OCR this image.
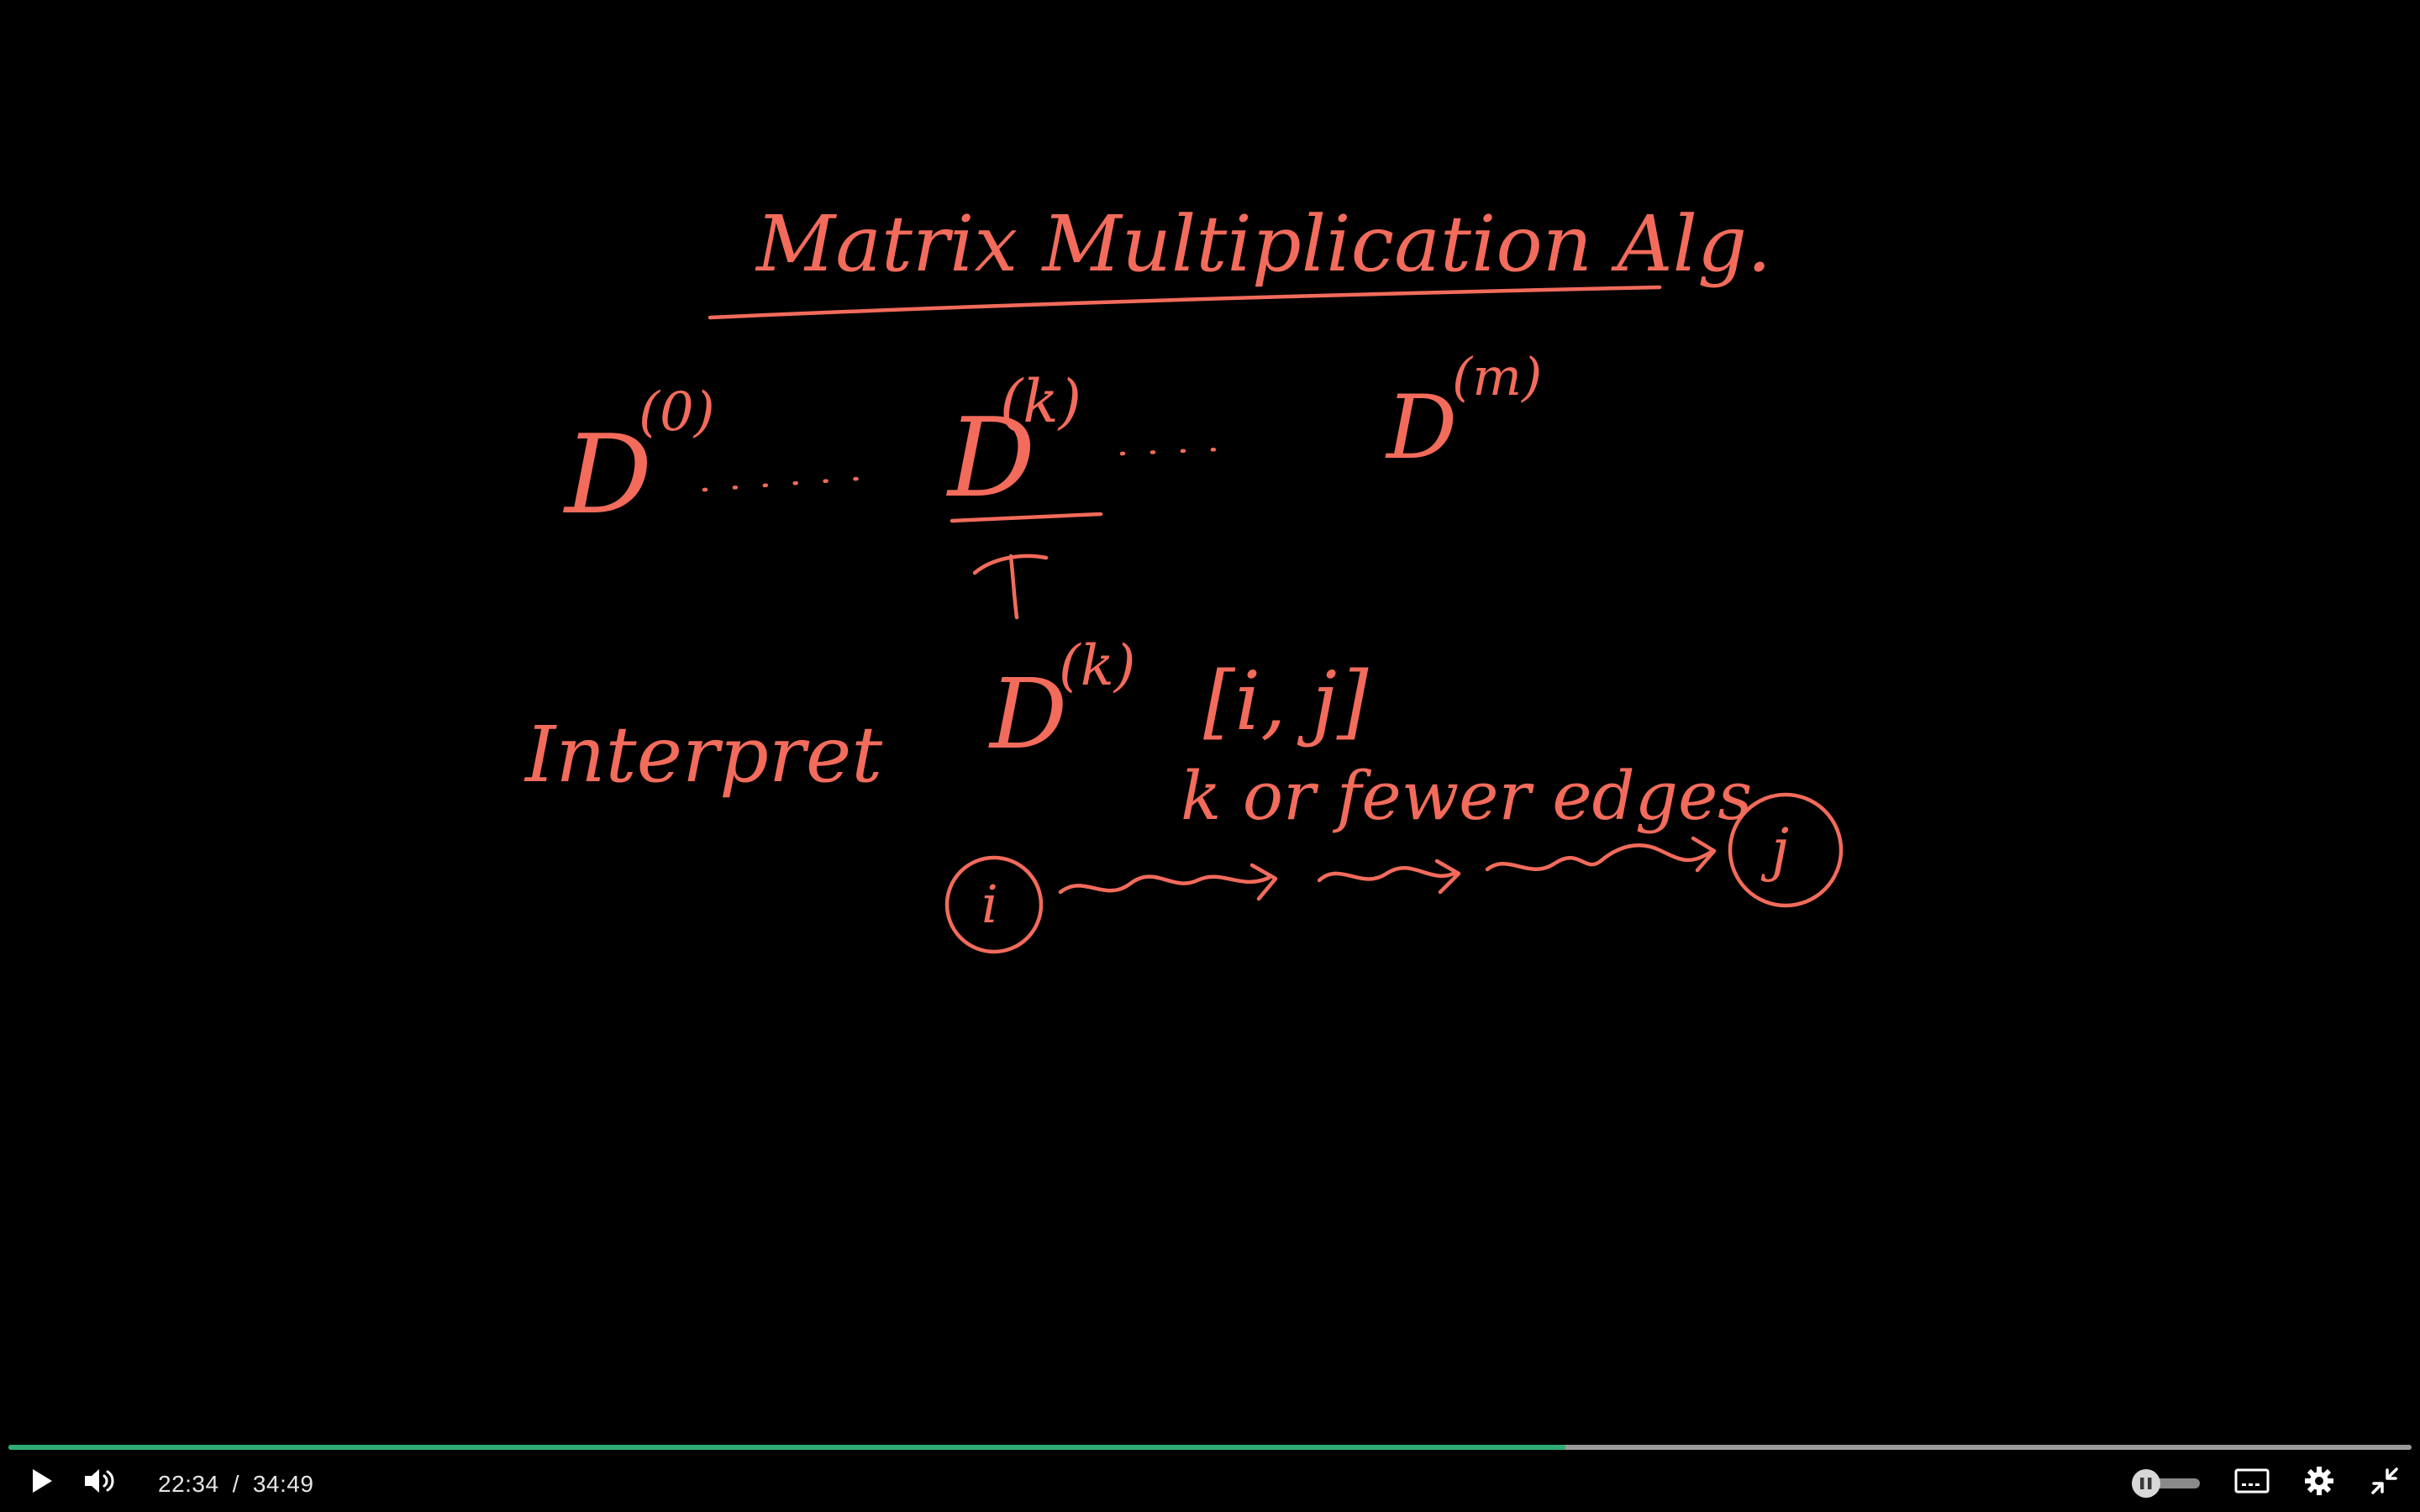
Matrix Multiplication Alg.
D
(0) D
(k)	D
(m)
Interpret D
(k) [i, j]
k or fewer edges
i
j
22:34 / 34:49
